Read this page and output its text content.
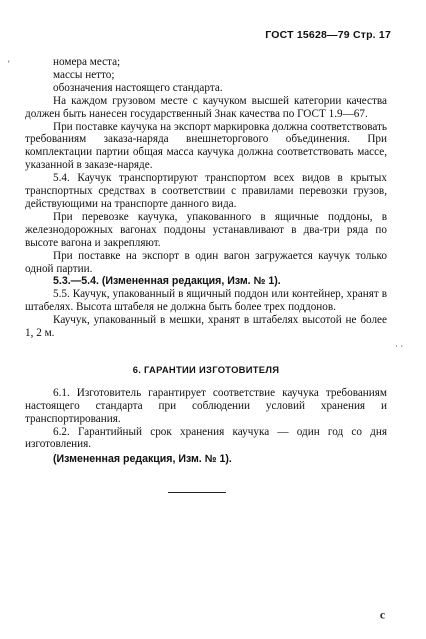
ГОСТ 15628—79 Стр. 17
номера места;
массы нетто;
обозначения настоящего стандарта.

На каждом грузовом месте с каучуком высшей категории качества должен быть нанесен государственный Знак качества по ГОСТ 1.9—67.

При поставке каучука на экспорт маркировка должна соответствовать требованиям заказа-наряда внешнеторгового объединения. При комплектации партии общая масса каучука должна соответствовать массе, указанной в заказе-наряде.

5.4. Каучук транспортируют транспортом всех видов в крытых транспортных средствах в соответствии с правилами перевозки грузов, действующими на транспорте данного вида.

При перевозке каучука, упакованного в ящичные поддоны, в железнодорожных вагонах поддоны устанавливают в два-три ряда по высоте вагона и закрепляют.

При поставке на экспорт в один вагон загружается каучук только одной партии.

5.3.—5.4. (Измененная редакция, Изм. № 1).

5.5. Каучук, упакованный в ящичный поддон или контейнер, хранят в штабелях. Высота штабеля не должна быть более трех поддонов.

Каучук, упакованный в мешки, хранят в штабелях высотой не более 1, 2 м.

6. ГАРАНТИИ ИЗГОТОВИТЕЛЯ

6.1. Изготовитель гарантирует соответствие каучука требованиям настоящего стандарта при соблюдении условий хранения и транспортирования.

6.2. Гарантийный срок хранения каучука — один год со дня изготовления.

(Измененная редакция, Изм. № 1).

'
· ·
ᶜ
